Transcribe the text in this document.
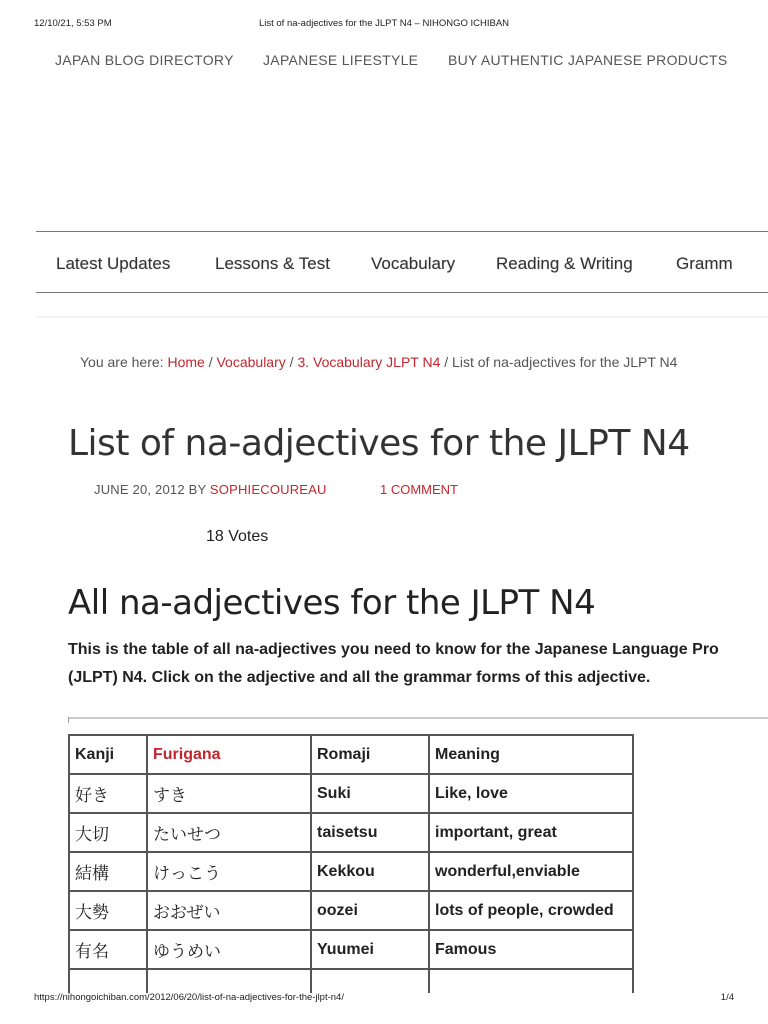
12/10/21, 5:53 PM	List of na-adjectives for the JLPT N4 – NIHONGO ICHIBAN
JAPAN BLOG DIRECTORY JAPANESE LIFESTYLE BUY AUTHENTIC JAPANESE PRODUCTS
Latest Updates	Lessons & Test Vocabulary Reading & Writing	Gramm
You are here: Home / Vocabulary / 3. Vocabulary JLPT N4 / List of na-adjectives for the JLPT N4
List of na-adjectives for the JLPT N4
JUNE 20, 2012 BY SOPHIECOUREAU	1 COMMENT
18 Votes
All na-adjectives for the JLPT N4

This is the table of all na-adjectives you need to know for the Japanese Language Pro

(JLPT) N4. Click on the adjective and all the grammar forms of this adjective.

Kanji	Furigana	Romaji	Meaning
好き	すき	Suki	Like, love
大切	たいせつ	taisetsu	important, great
結構	けっこう	Kekkou	wonderful,enviable
大勢	おおぜい	oozei	lots of people, crowded
有名	ゆうめい	Yuumei	Famous

https://nihongoichiban.com/2012/06/20/list-of-na-adjectives-for-the-jlpt-n4/	1/4
